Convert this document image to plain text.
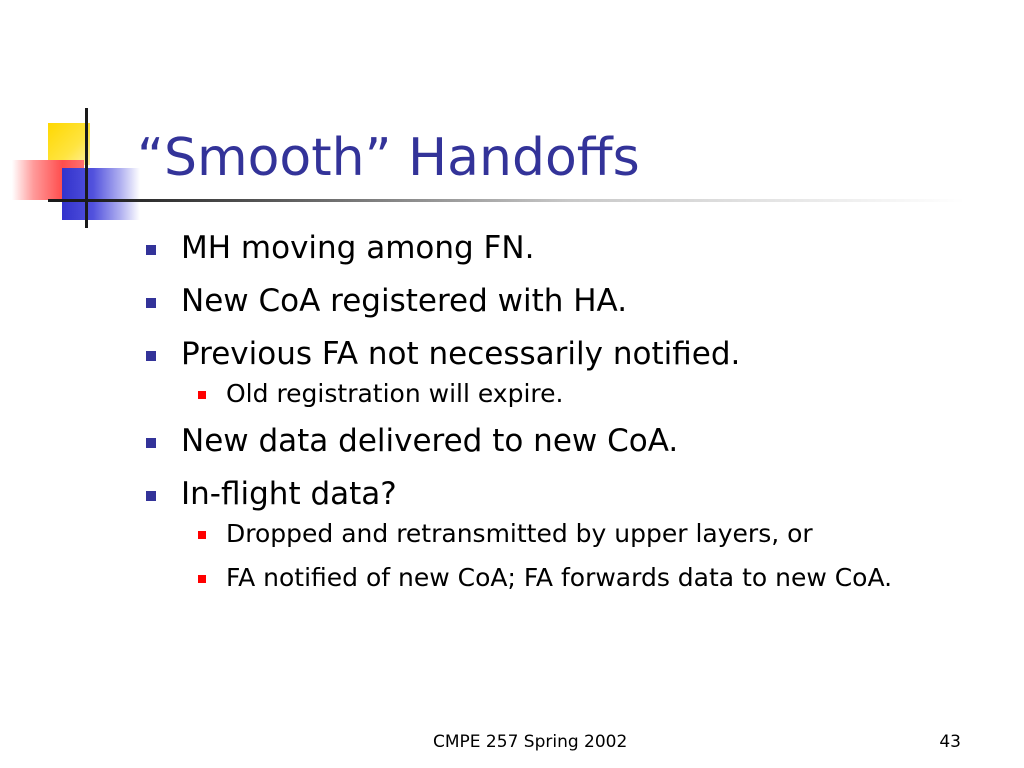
“Smooth” Handoffs
MH moving among FN.
New CoA registered with HA.
Previous FA not necessarily notified.
Old registration will expire.
New data delivered to new CoA.
In-flight data?
Dropped and retransmitted by upper layers, or
FA notified of new CoA; FA forwards data to new CoA.
CMPE 257 Spring 2002	43
